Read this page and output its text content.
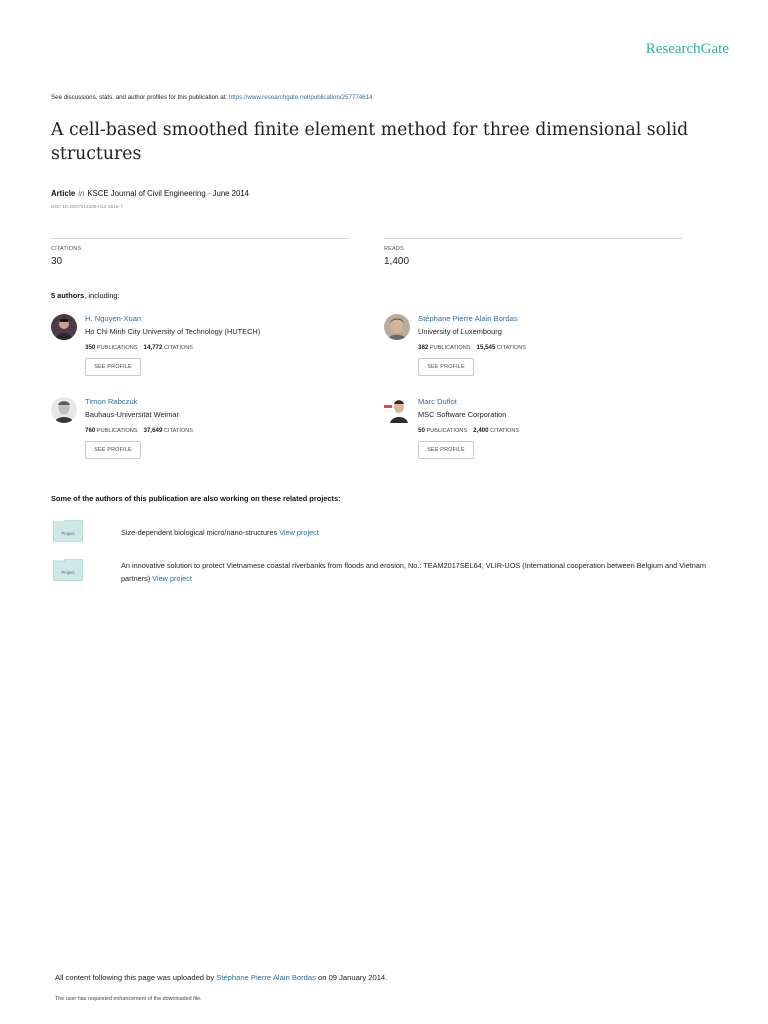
ResearchGate
See discussions, stats, and author profiles for this publication at: https://www.researchgate.net/publication/257774614
A cell-based smoothed finite element method for three dimensional solid structures
Article in KSCE Journal of Civil Engineering · June 2014
DOI: 10.1007/s12205-012-1515-7
CITATIONS
30
READS
1,400
5 authors, including:
H. Nguyen-Xuan
Ho Chi Minh City University of Technology (HUTECH)
350 PUBLICATIONS 14,772 CITATIONS
SEE PROFILE
Stéphane Pierre Alain Bordas
University of Luxembourg
382 PUBLICATIONS 15,545 CITATIONS
SEE PROFILE
Timon Rabczuk
Bauhaus-Universität Weimar
760 PUBLICATIONS 37,649 CITATIONS
SEE PROFILE
Marc Duflot
MSC Software Corporation
50 PUBLICATIONS 2,400 CITATIONS
SEE PROFILE
Some of the authors of this publication are also working on these related projects:
Project	Size-dependent biological micro/nano-structures View project
Project
An innovative solution to protect Vietnamese coastal riverbanks from floods and erosion, No.: TEAM2017SEL64, VLIR-UOS (International cooperation between Belgium and Vietnam partners) View project
All content following this page was uploaded by Stéphane Pierre Alain Bordas on 09 January 2014.
The user has requested enhancement of the downloaded file.
